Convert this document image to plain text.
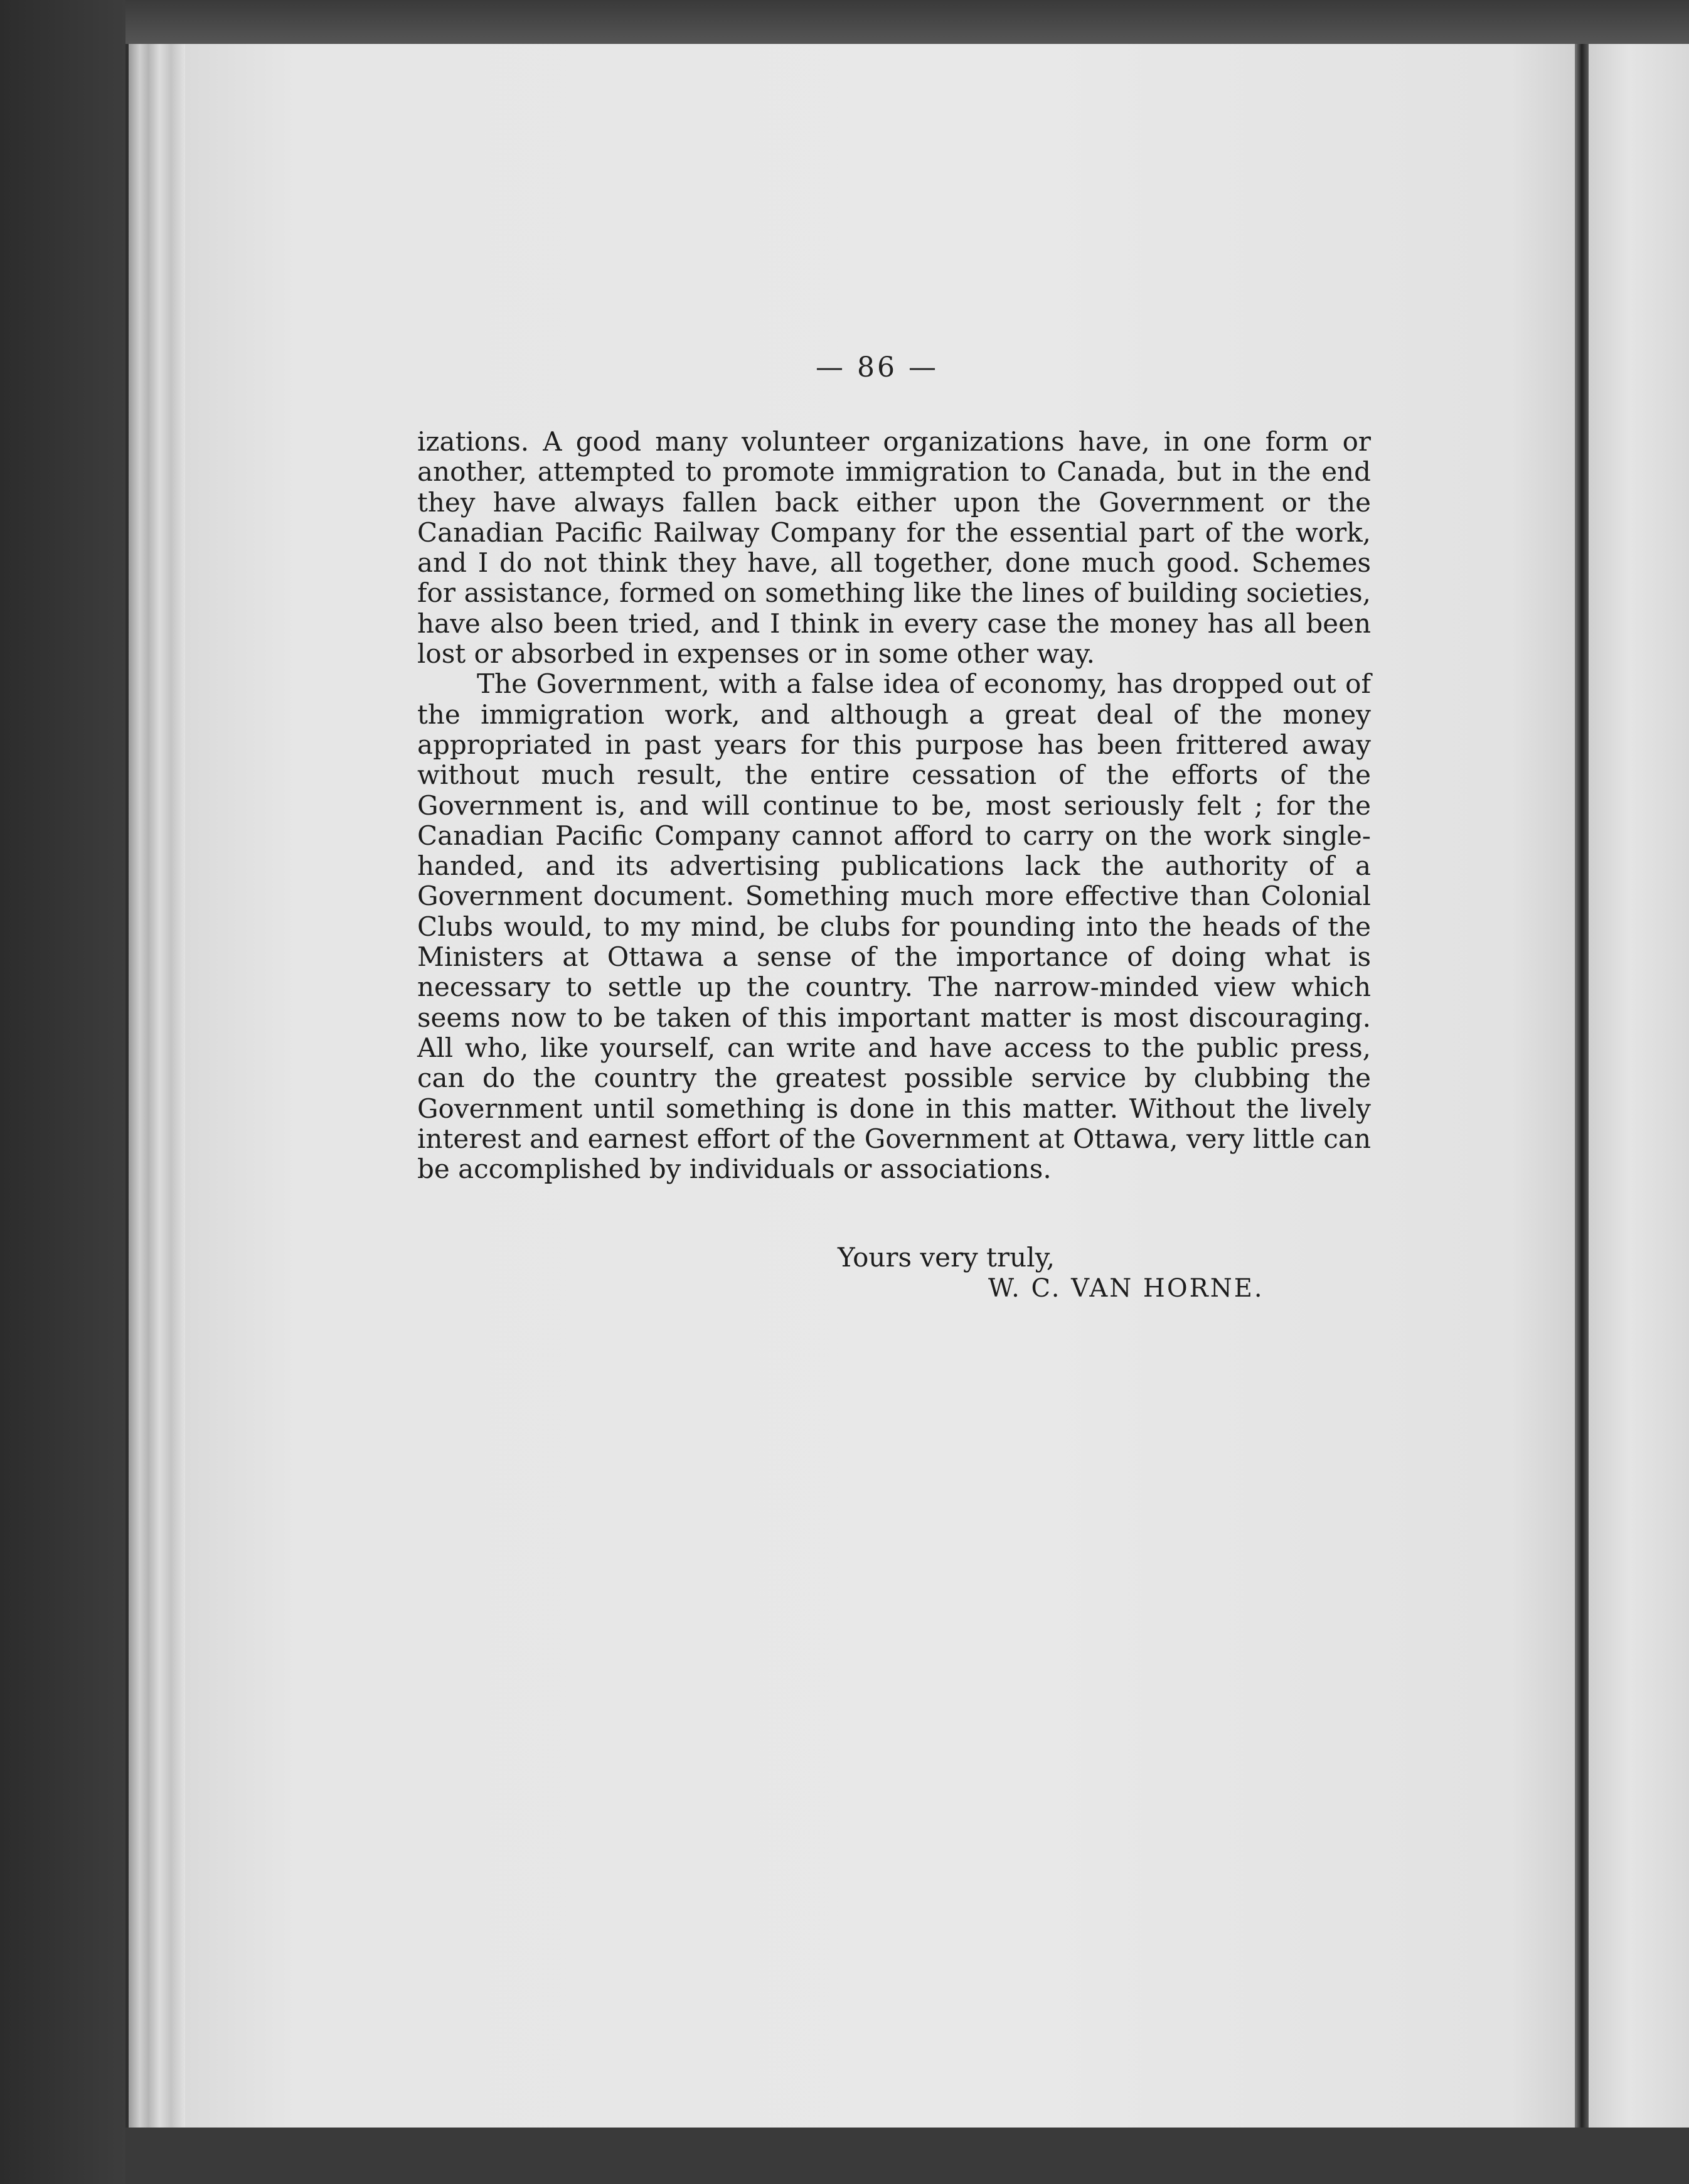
— 86 —

izations. A good many volunteer organizations have, in one form or another, attempted to promote immigration to Canada, but in the end they have always fallen back either upon the Government or the Canadian Pacific Railway Company for the essential part of the work, and I do not think they have, all together, done much good. Schemes for assistance, formed on something like the lines of building societies, have also been tried, and I think in every case the money has all been lost or absorbed in expenses or in some other way.

The Government, with a false idea of economy, has dropped out of the immigration work, and although a great deal of the money appropriated in past years for this purpose has been frittered away without much result, the entire cessation of the efforts of the Government is, and will continue to be, most seriously felt ; for the Canadian Pacific Company cannot afford to carry on the work single-handed, and its advertising publications lack the authority of a Government document. Something much more effective than Colonial Clubs would, to my mind, be clubs for pounding into the heads of the Ministers at Ottawa a sense of the importance of doing what is necessary to settle up the country. The narrow-minded view which seems now to be taken of this important matter is most discouraging. All who, like yourself, can write and have access to the public press, can do the country the greatest possible service by clubbing the Government until something is done in this matter. Without the lively interest and earnest effort of the Government at Ottawa, very little can be accomplished by individuals or associations.

Yours very truly,
W. C. VAN HORNE.
